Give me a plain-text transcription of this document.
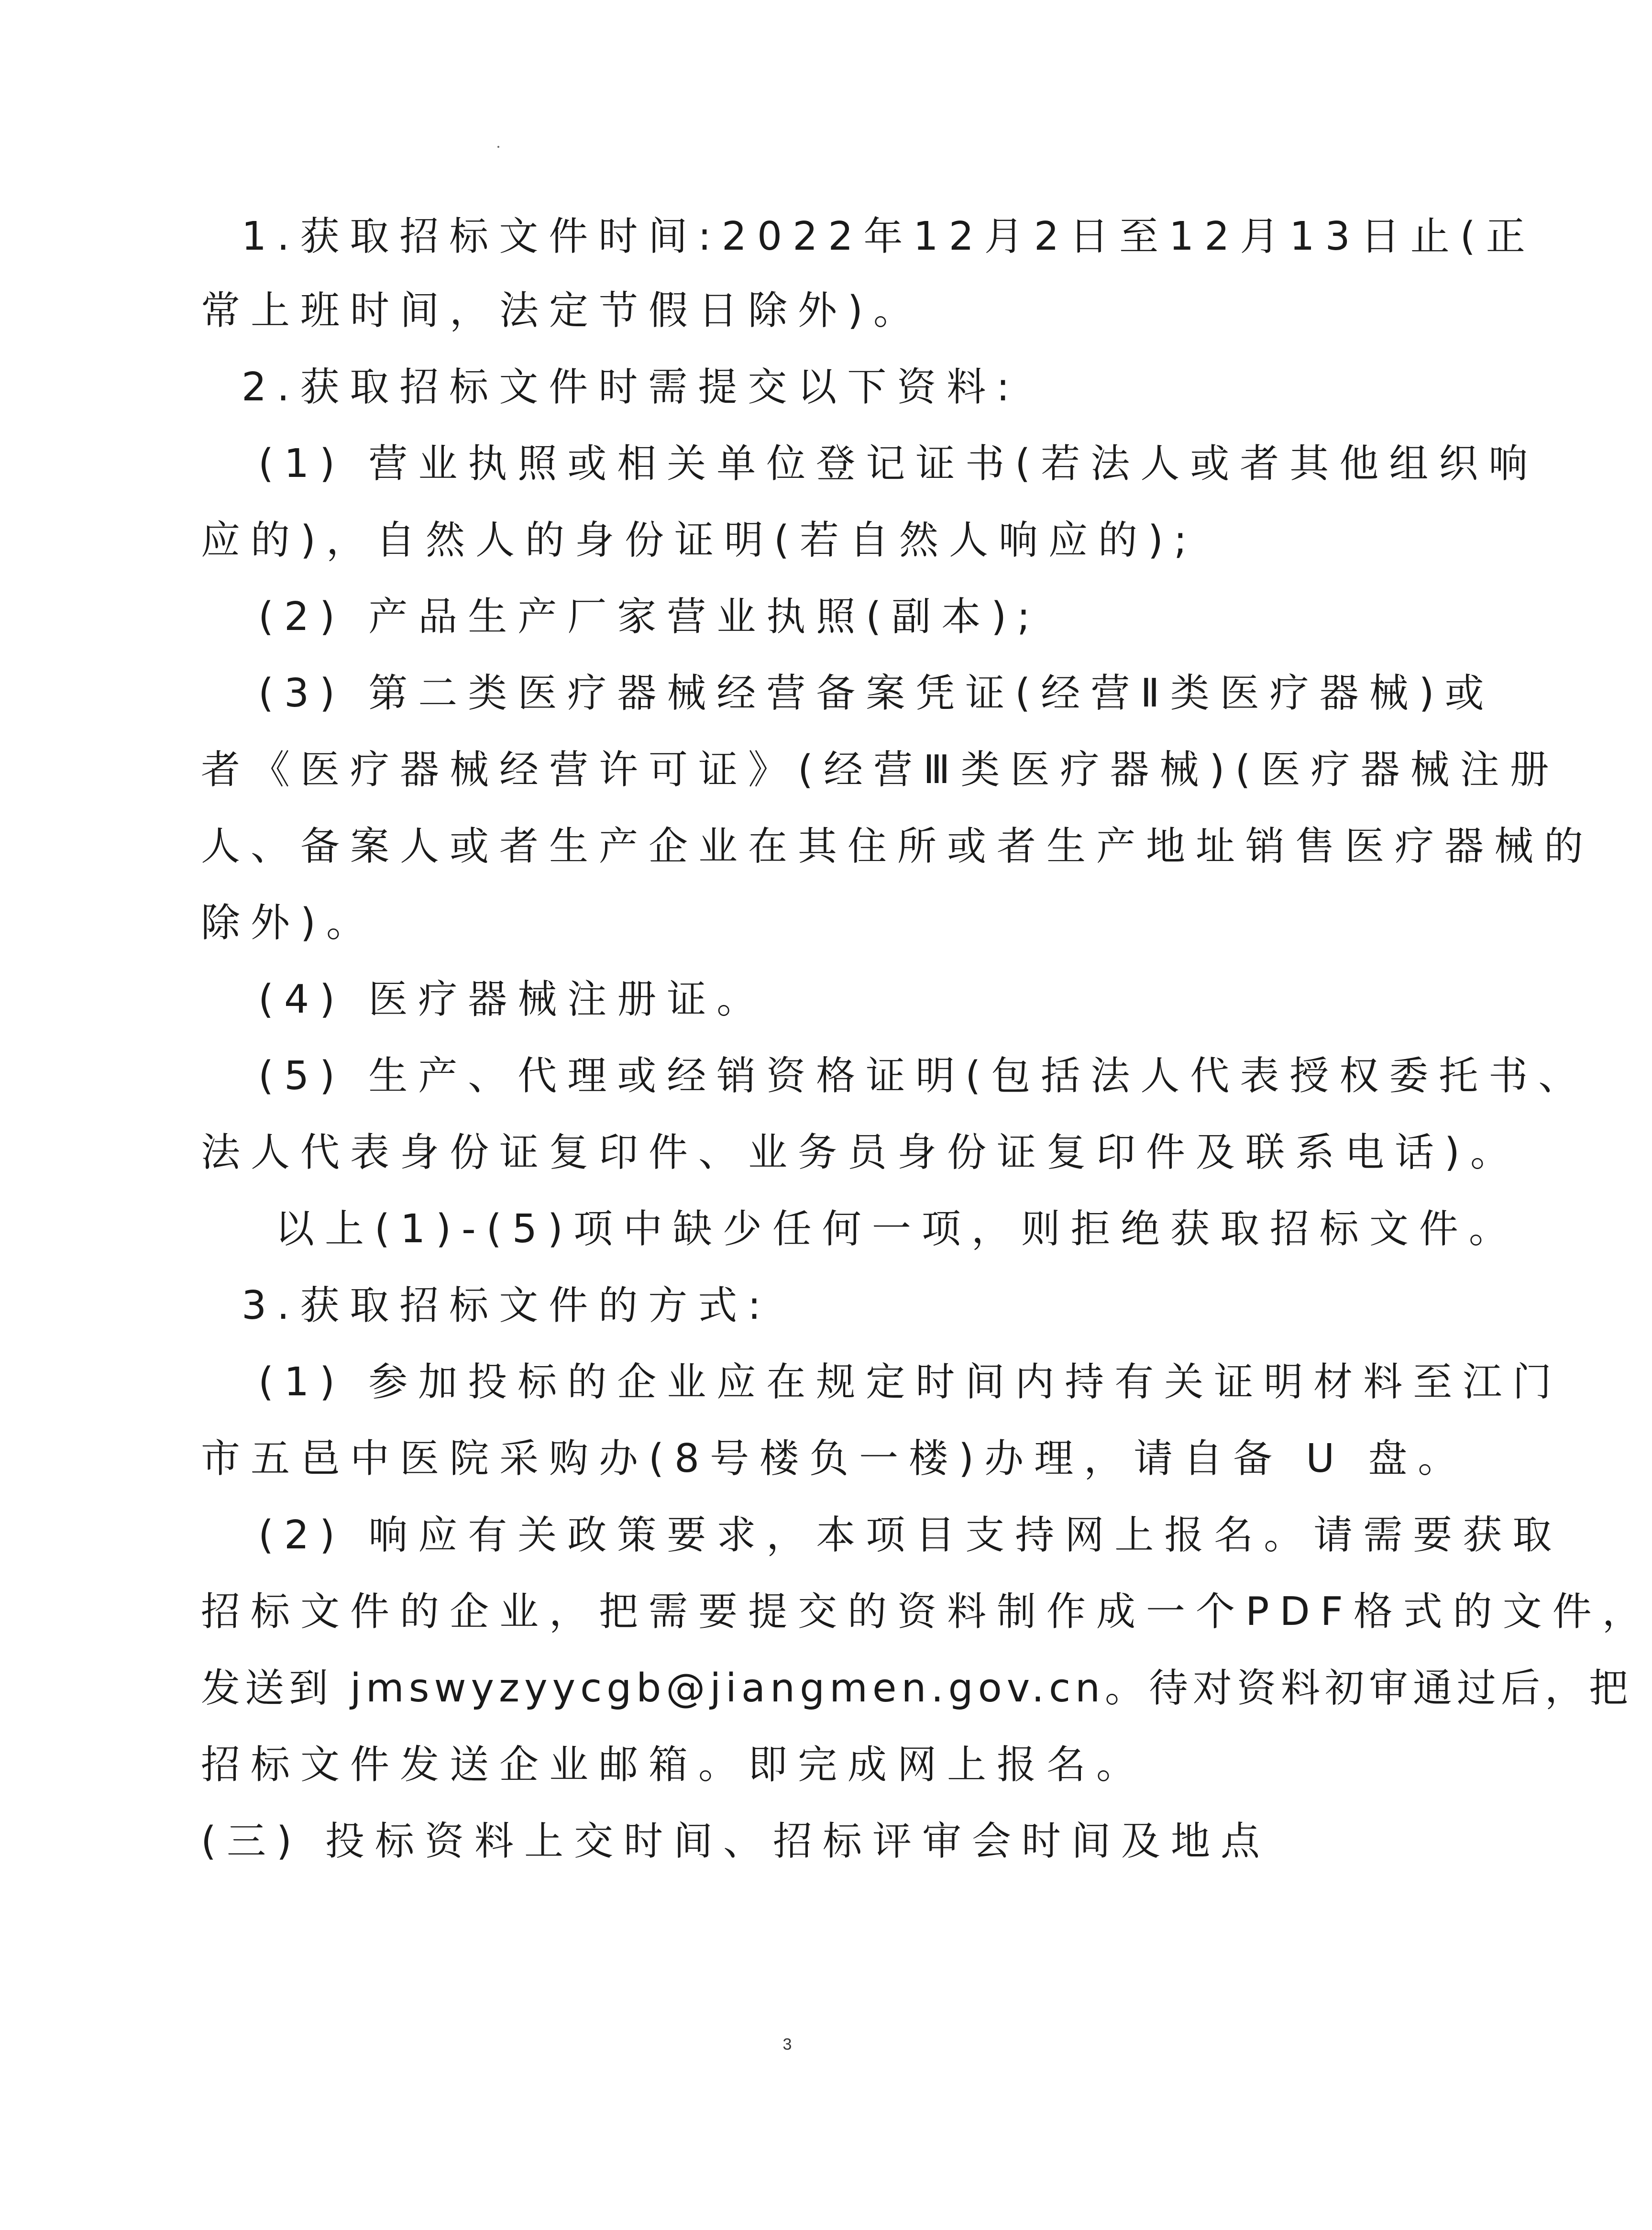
1.获取招标文件时间:2022年12月2日至12月13日止(正
常上班时间，法定节假日除外)。
2.获取招标文件时需提交以下资料:
(1) 营业执照或相关单位登记证书(若法人或者其他组织响
应的)，自然人的身份证明(若自然人响应的);
(2) 产品生产厂家营业执照(副本);
(3) 第二类医疗器械经营备案凭证(经营Ⅱ类医疗器械)或
者《医疗器械经营许可证》(经营Ⅲ类医疗器械)(医疗器械注册
人、备案人或者生产企业在其住所或者生产地址销售医疗器械的
除外)。
(4) 医疗器械注册证。
(5) 生产、代理或经销资格证明(包括法人代表授权委托书、
法人代表身份证复印件、业务员身份证复印件及联系电话)。
以上(1)-(5)项中缺少任何一项，则拒绝获取招标文件。
3.获取招标文件的方式:
(1) 参加投标的企业应在规定时间内持有关证明材料至江门
市五邑中医院采购办(8号楼负一楼)办理，请自备 U 盘。
(2) 响应有关政策要求，本项目支持网上报名。请需要获取
招标文件的企业，把需要提交的资料制作成一个PDF格式的文件，
发送到 jmswyzyycgb@jiangmen.gov.cn。待对资料初审通过后，把
招标文件发送企业邮箱。即完成网上报名。
(三) 投标资料上交时间、招标评审会时间及地点
3
